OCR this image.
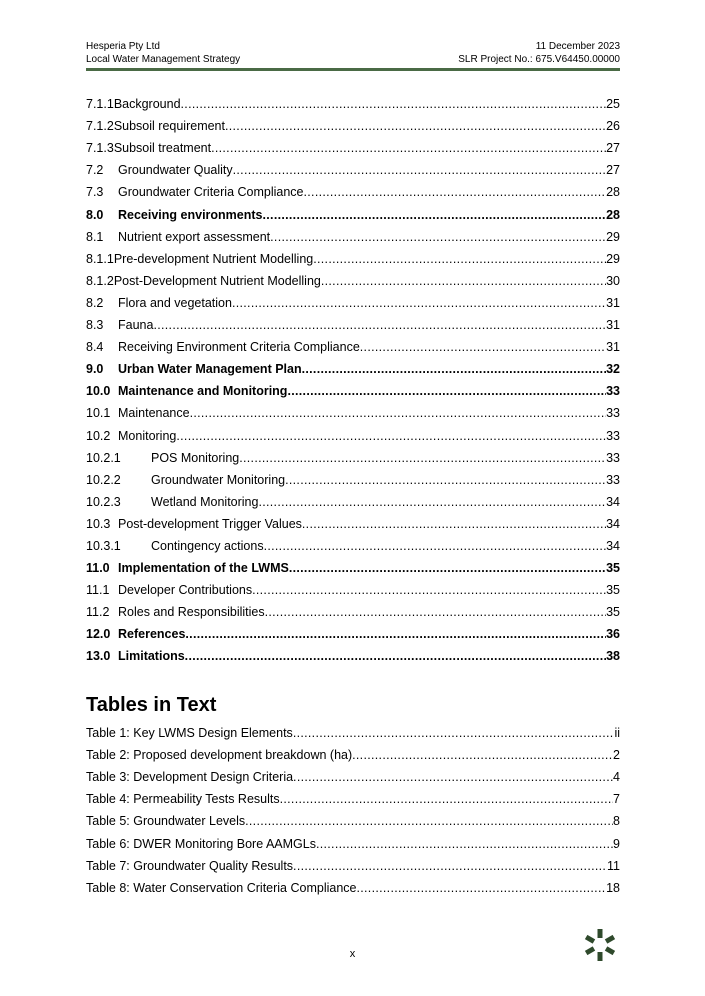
Hesperia Pty Ltd
Local Water Management Strategy
11 December 2023
SLR Project No.: 675.V64450.00000
7.1.1 Background .....	25
7.1.2 Subsoil requirement .....	26
7.1.3 Subsoil treatment .....	27
7.2	Groundwater Quality .....	27
7.3	Groundwater Criteria Compliance .....	28
8.0	Receiving environments .....	28
8.1	Nutrient export assessment .....	29
8.1.1 Pre-development Nutrient Modelling .....	29
8.1.2 Post-Development Nutrient Modelling .....	30
8.2	Flora and vegetation .....	31
8.3	Fauna .....	31
8.4	Receiving Environment Criteria Compliance .....	31
9.0	Urban Water Management Plan .....	32
10.0 Maintenance and Monitoring .....	33
10.1 Maintenance .....	33
10.2 Monitoring .....	33
10.2.1	POS Monitoring .....	33
10.2.2	Groundwater Monitoring .....	33
10.2.3	Wetland Monitoring .....	34
10.3 Post-development Trigger Values .....	34
10.3.1	Contingency actions .....	34
11.0 Implementation of the LWMS .....	35
11.1 Developer Contributions .....	35
11.2 Roles and Responsibilities .....	35
12.0 References .....	36
13.0 Limitations .....	38
Tables in Text
Table 1: Key LWMS Design Elements .....	ii
Table 2: Proposed development breakdown (ha) .....	2
Table 3: Development Design Criteria .....	4
Table 4: Permeability Tests Results .....	7
Table 5: Groundwater Levels .....	8
Table 6: DWER Monitoring Bore AAMGLs .....	9
Table 7: Groundwater Quality Results .....	11
Table 8: Water Conservation Criteria Compliance .....	18
x
